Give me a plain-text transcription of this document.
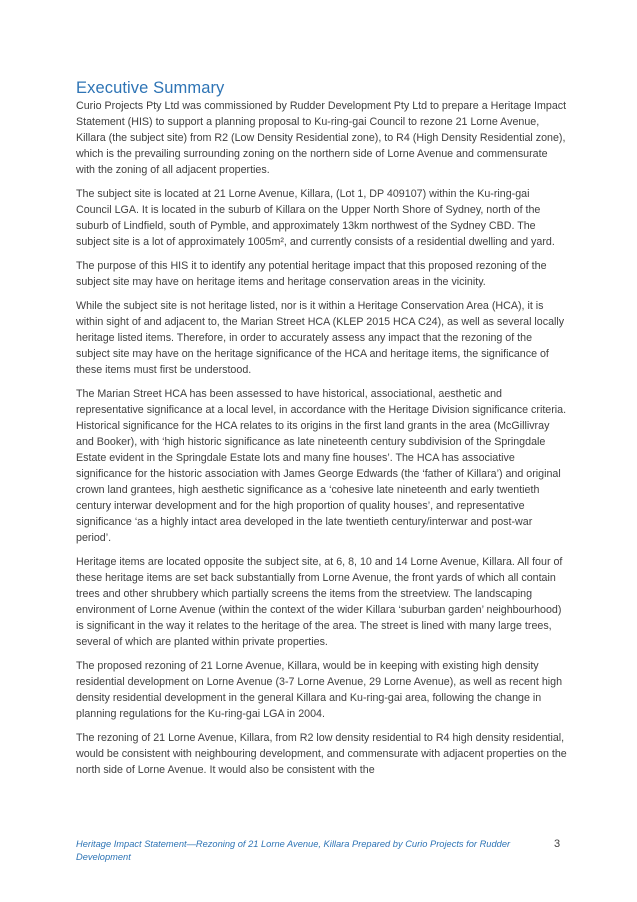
Executive Summary

Curio Projects Pty Ltd was commissioned by Rudder Development Pty Ltd to prepare a Heritage Impact Statement (HIS) to support a planning proposal to Ku-ring-gai Council to rezone 21 Lorne Avenue, Killara (the subject site) from R2 (Low Density Residential zone), to R4 (High Density Residential zone), which is the prevailing surrounding zoning on the northern side of Lorne Avenue and commensurate with the zoning of all adjacent properties.

The subject site is located at 21 Lorne Avenue, Killara, (Lot 1, DP 409107) within the Ku-ring-gai Council LGA. It is located in the suburb of Killara on the Upper North Shore of Sydney, north of the suburb of Lindfield, south of Pymble, and approximately 13km northwest of the Sydney CBD. The subject site is a lot of approximately 1005m², and currently consists of a residential dwelling and yard.

The purpose of this HIS it to identify any potential heritage impact that this proposed rezoning of the subject site may have on heritage items and heritage conservation areas in the vicinity.

While the subject site is not heritage listed, nor is it within a Heritage Conservation Area (HCA), it is within sight of and adjacent to, the Marian Street HCA (KLEP 2015 HCA C24), as well as several locally heritage listed items. Therefore, in order to accurately assess any impact that the rezoning of the subject site may have on the heritage significance of the HCA and heritage items, the significance of these items must first be understood.

The Marian Street HCA has been assessed to have historical, associational, aesthetic and representative significance at a local level, in accordance with the Heritage Division significance criteria. Historical significance for the HCA relates to its origins in the first land grants in the area (McGillivray and Booker), with ‘high historic significance as late nineteenth century subdivision of the Springdale Estate evident in the Springdale Estate lots and many fine houses’. The HCA has associative significance for the historic association with James George Edwards (the ‘father of Killara’) and original crown land grantees, high aesthetic significance as a ‘cohesive late nineteenth and early twentieth century interwar development and for the high proportion of quality houses’, and representative significance ‘as a highly intact area developed in the late twentieth century/interwar and post-war period’.

Heritage items are located opposite the subject site, at 6, 8, 10 and 14 Lorne Avenue, Killara. All four of these heritage items are set back substantially from Lorne Avenue, the front yards of which all contain trees and other shrubbery which partially screens the items from the streetview. The landscaping environment of Lorne Avenue (within the context of the wider Killara ‘suburban garden’ neighbourhood) is significant in the way it relates to the heritage of the area. The street is lined with many large trees, several of which are planted within private properties.

The proposed rezoning of 21 Lorne Avenue, Killara, would be in keeping with existing high density residential development on Lorne Avenue (3-7 Lorne Avenue, 29 Lorne Avenue), as well as recent high density residential development in the general Killara and Ku-ring-gai area, following the change in planning regulations for the Ku-ring-gai LGA in 2004.

The rezoning of 21 Lorne Avenue, Killara, from R2 low density residential to R4 high density residential, would be consistent with neighbouring development, and commensurate with adjacent properties on the north side of Lorne Avenue. It would also be consistent with the

Heritage Impact Statement—Rezoning of 21 Lorne Avenue, Killara Prepared by Curio Projects for Rudder Development
3
